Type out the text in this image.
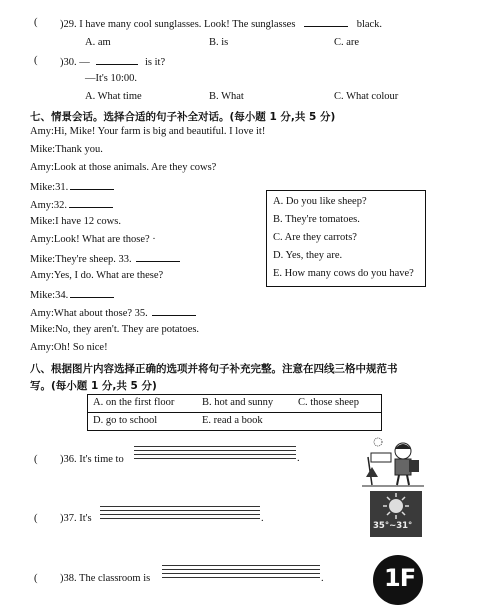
( )29. I have many cool sunglasses. Look! The sunglasses	black.
A. am	B. is	C. are
( )30. —	is it?
—It's 10:00.
A. What time	B. What	C. What colour
七、情景会话。选择合适的句子补全对话。(每小题 1 分,共 5 分)
Amy:Hi, Mike! Your farm is big and beautiful. I love it!
Mike:Thank you.
Amy:Look at those animals. Are they cows?
Mike:31.
Amy:32.
Mike:I have 12 cows.
Amy:Look! What are those? ·
Mike:They're sheep. 33.
Amy:Yes, I do. What are these?
Mike:34.
Amy:What about those? 35.
Mike:No, they aren't. They are potatoes.
Amy:Oh! So nice!
A. Do you like sheep?
B. They're tomatoes.
C. Are they carrots?
D. Yes, they are.
E. How many cows do you have?
八、根据图片内容选择正确的选项并将句子补充完整。注意在四线三格中规范书
写。(每小题 1 分,共 5 分)
A. on the first floor	B. hot and sunny C. those sheep
D. go to school	E. read a book
( )36. It's time to	.
( )37. It's	.
35°~31°
( )38. The classroom is	.	1F
